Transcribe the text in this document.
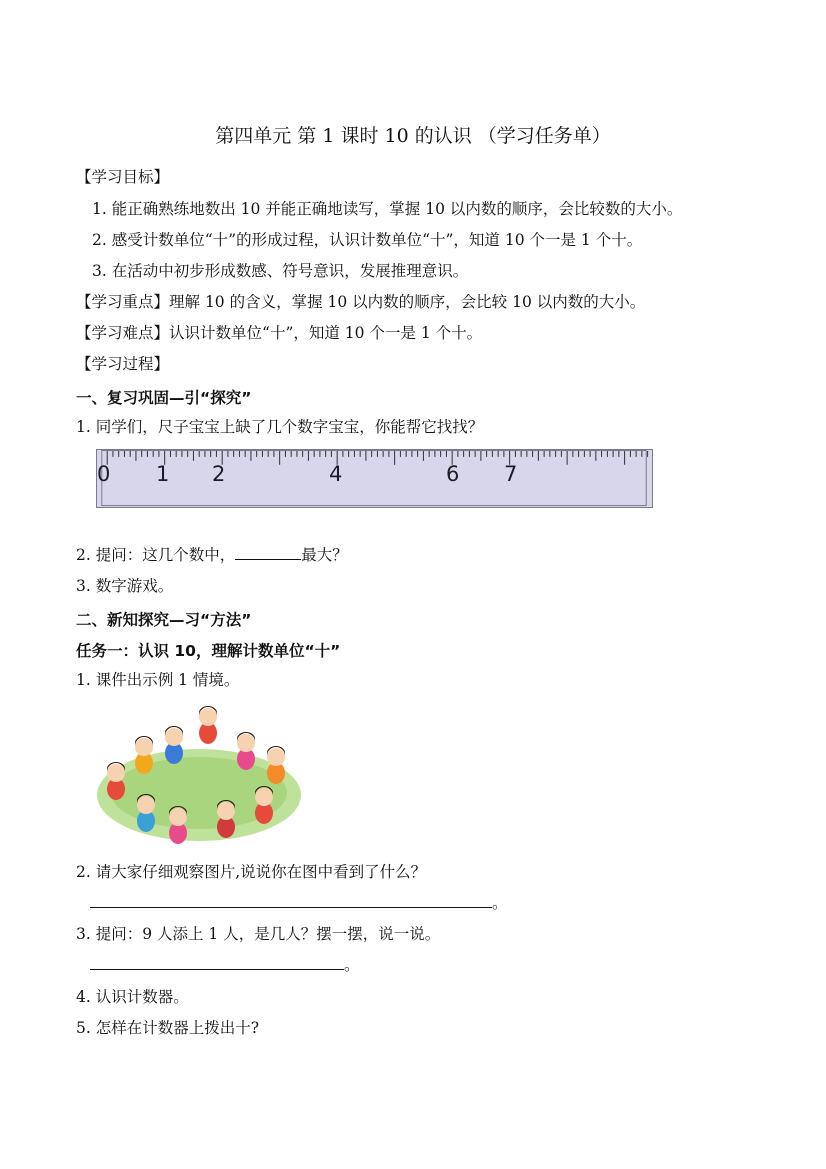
第四单元 第 1 课时 10 的认识 （学习任务单）
【学习目标】
1. 能正确熟练地数出 10 并能正确地读写，掌握 10 以内数的顺序，会比较数的大小。
2. 感受计数单位“十”的形成过程，认识计数单位“十”，知道 10 个一是 1 个十。
3. 在活动中初步形成数感、符号意识，发展推理意识。
【学习重点】理解 10 的含义，掌握 10 以内数的顺序，会比较 10 以内数的大小。
【学习难点】认识计数单位“十”，知道 10 个一是 1 个十。
【学习过程】
一、复习巩固—引“探究”
1. 同学们，尺子宝宝上缺了几个数字宝宝，你能帮它找找？
0 1 2	4	6 7
2. 提问：这几个数中，	最大？
3. 数字游戏。
二、新知探究—习“方法”
任务一：认识 10，理解计数单位“十”
1. 课件出示例 1 情境。
2. 请大家仔细观察图片,说说你在图中看到了什么？
。
3. 提问：9 人添上 1 人，是几人？摆一摆，说一说。
。
4. 认识计数器。
5. 怎样在计数器上拨出十?
